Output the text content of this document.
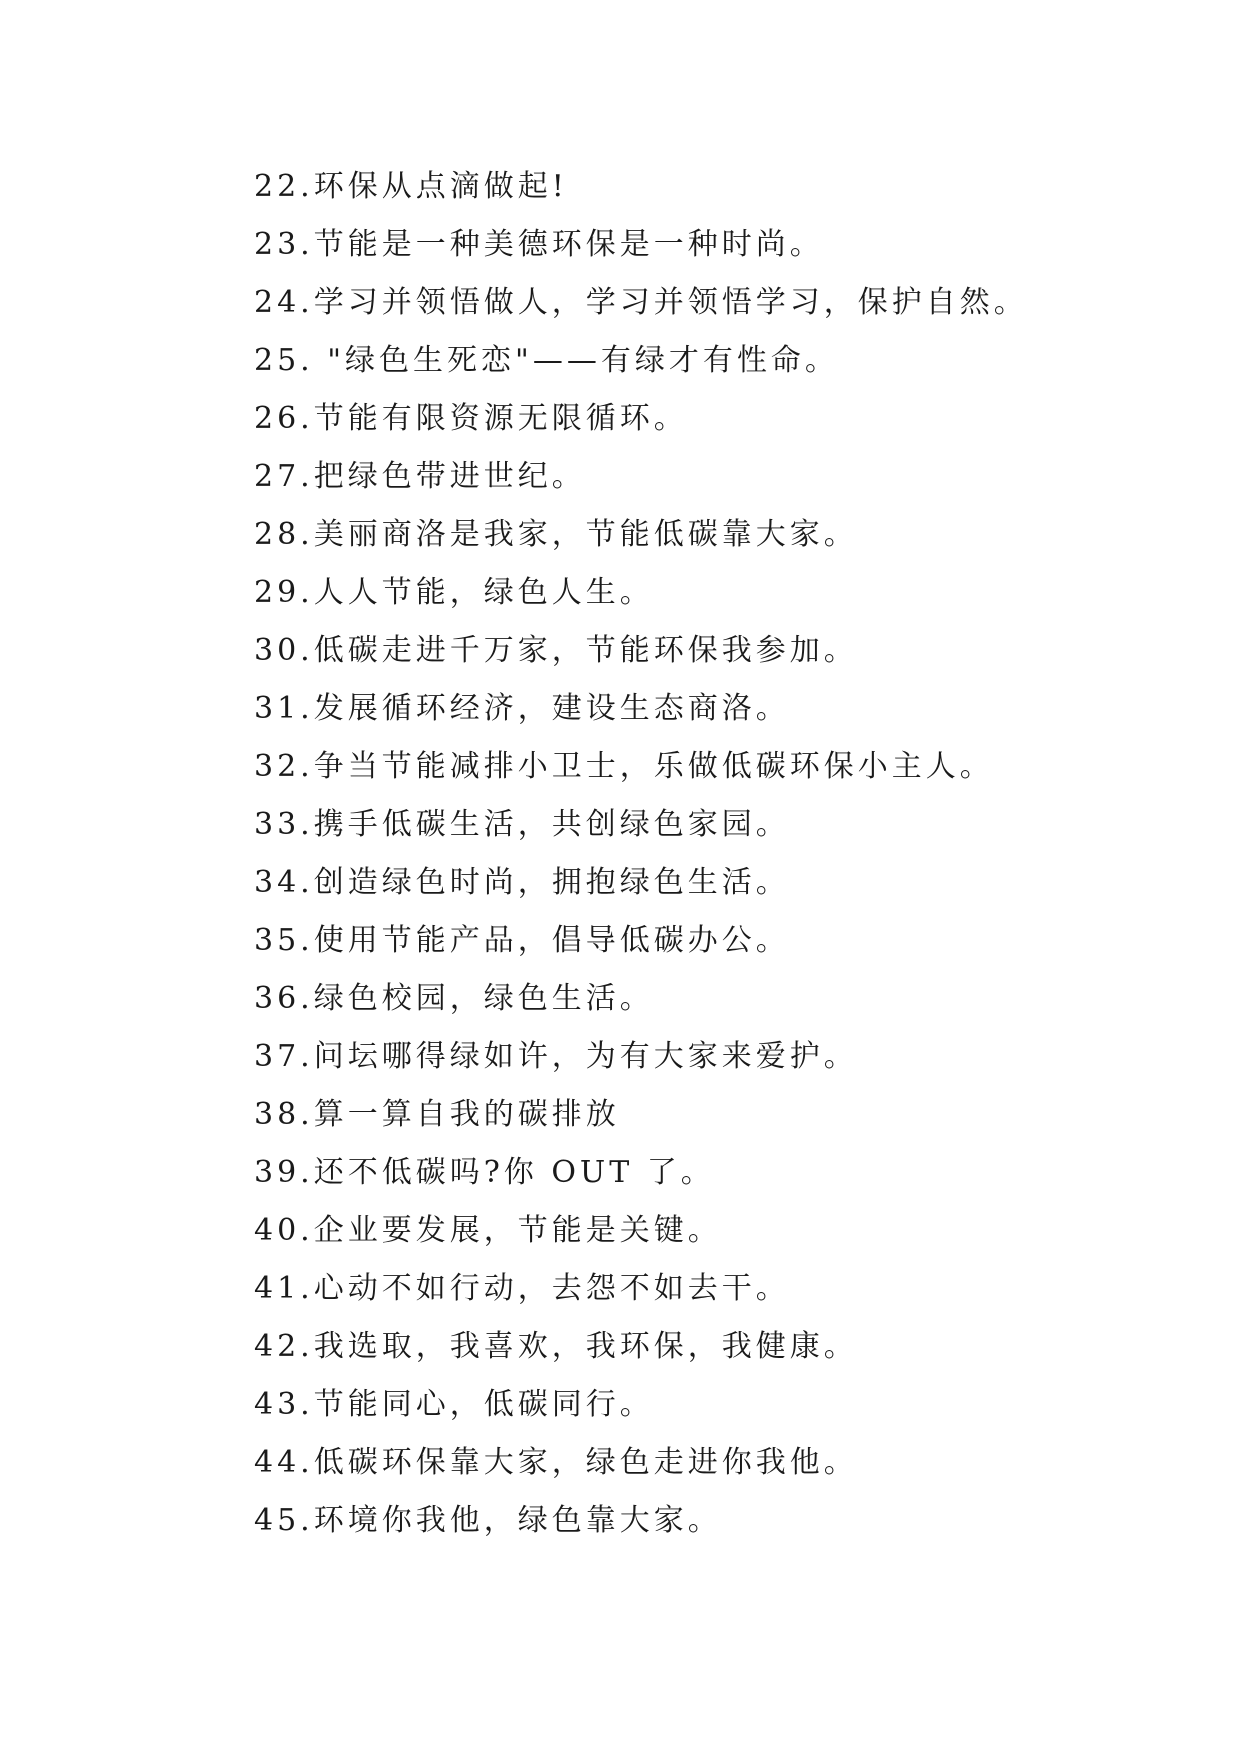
22.环保从点滴做起!
23.节能是一种美德环保是一种时尚。
24.学习并领悟做人，学习并领悟学习，保护自然。
25. "绿色生死恋"——有绿才有性命。
26.节能有限资源无限循环。
27.把绿色带进世纪。
28.美丽商洛是我家，节能低碳靠大家。
29.人人节能，绿色人生。
30.低碳走进千万家，节能环保我参加。
31.发展循环经济，建设生态商洛。
32.争当节能减排小卫士，乐做低碳环保小主人。
33.携手低碳生活，共创绿色家园。
34.创造绿色时尚，拥抱绿色生活。
35.使用节能产品，倡导低碳办公。
36.绿色校园，绿色生活。
37.问坛哪得绿如许，为有大家来爱护。
38.算一算自我的碳排放
39.还不低碳吗?你 OUT 了。
40.企业要发展，节能是关键。
41.心动不如行动，去怨不如去干。
42.我选取，我喜欢，我环保，我健康。
43.节能同心，低碳同行。
44.低碳环保靠大家，绿色走进你我他。
45.环境你我他，绿色靠大家。
